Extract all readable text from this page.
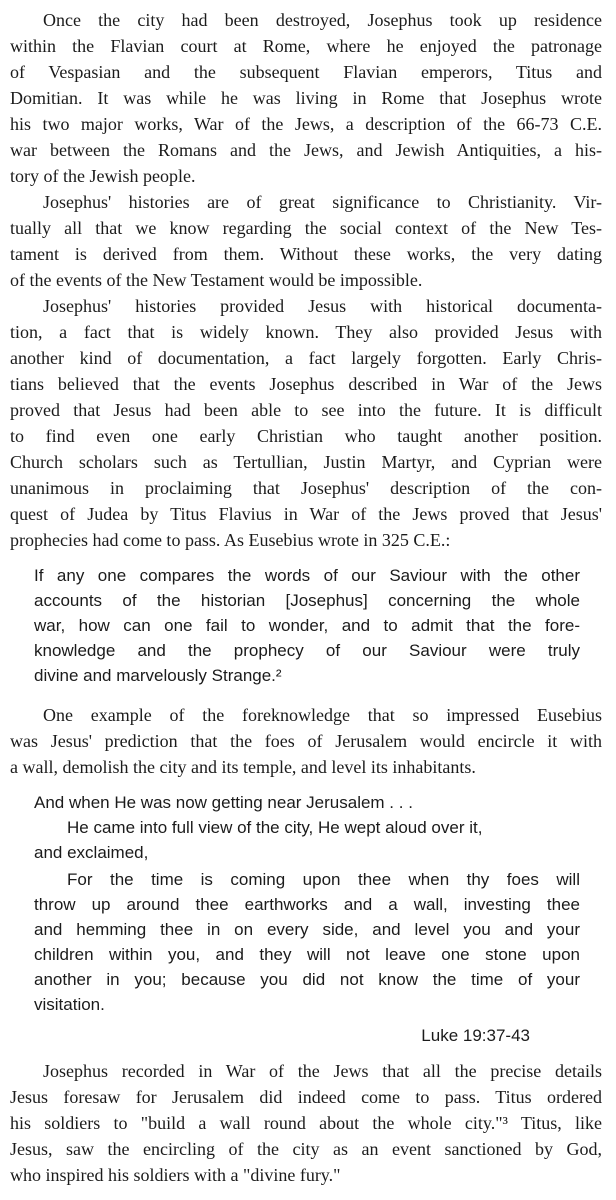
Once the city had been destroyed, Josephus took up residence
within the Flavian court at Rome, where he enjoyed the patronage
of Vespasian and the subsequent Flavian emperors, Titus and
Domitian. It was while he was living in Rome that Josephus wrote
his two major works, War of the Jews, a description of the 66-73 C.E.
war between the Romans and the Jews, and Jewish Antiquities, a his-
tory of the Jewish people.
Josephus' histories are of great significance to Christianity. Vir-
tually all that we know regarding the social context of the New Tes-
tament is derived from them. Without these works, the very dating
of the events of the New Testament would be impossible.
Josephus' histories provided Jesus with historical documenta-
tion, a fact that is widely known. They also provided Jesus with
another kind of documentation, a fact largely forgotten. Early Chris-
tians believed that the events Josephus described in War of the Jews
proved that Jesus had been able to see into the future. It is difficult
to find even one early Christian who taught another position.
Church scholars such as Tertullian, Justin Martyr, and Cyprian were
unanimous in proclaiming that Josephus' description of the con-
quest of Judea by Titus Flavius in War of the Jews proved that Jesus'
prophecies had come to pass. As Eusebius wrote in 325 C.E.:
If any one compares the words of our Saviour with the other
accounts of the historian [Josephus] concerning the whole
war, how can one fail to wonder, and to admit that the fore-
knowledge and the prophecy of our Saviour were truly
divine and marvelously Strange.²
One example of the foreknowledge that so impressed Eusebius
was Jesus' prediction that the foes of Jerusalem would encircle it with
a wall, demolish the city and its temple, and level its inhabitants.
And when He was now getting near Jerusalem . . .
He came into full view of the city, He wept aloud over it,
and exclaimed,
For the time is coming upon thee when thy foes will
throw up around thee earthworks and a wall, investing thee
and hemming thee in on every side, and level you and your
children within you, and they will not leave one stone upon
another in you; because you did not know the time of your
visitation.
Luke 19:37-43
Josephus recorded in War of the Jews that all the precise details
Jesus foresaw for Jerusalem did indeed come to pass. Titus ordered
his soldiers to "build a wall round about the whole city."³ Titus, like
Jesus, saw the encircling of the city as an event sanctioned by God,
who inspired his soldiers with a "divine fury."
